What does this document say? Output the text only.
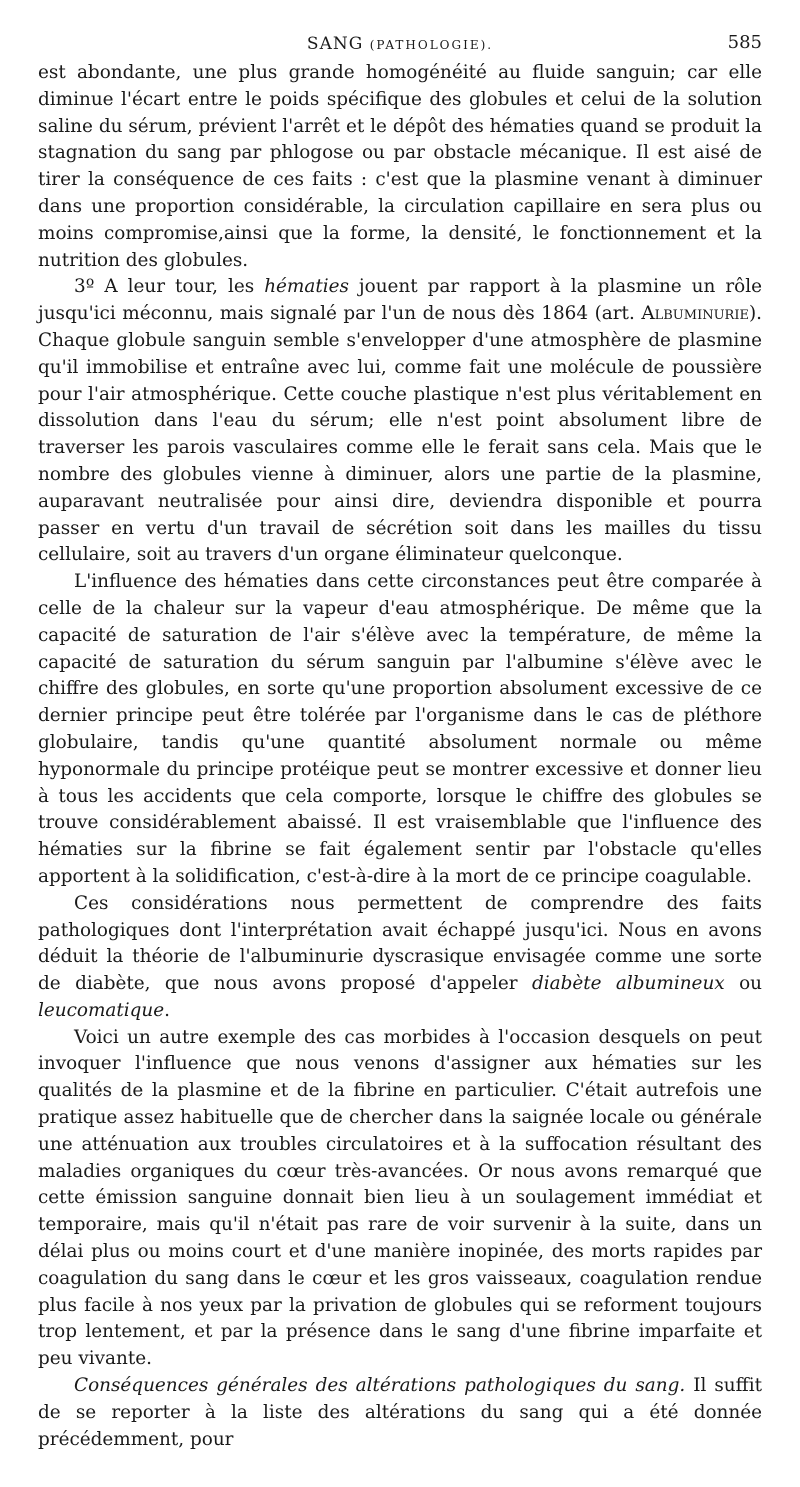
SANG (PATHOLOGIE).	585

est abondante, une plus grande homogénéité au fluide sanguin; car elle diminue l'écart entre le poids spécifique des globules et celui de la solution saline du sérum, prévient l'arrêt et le dépôt des hématies quand se produit la stagnation du sang par phlogose ou par obstacle mécanique. Il est aisé de tirer la conséquence de ces faits : c'est que la plasmine venant à diminuer dans une proportion considérable, la circulation capillaire en sera plus ou moins compromise,ainsi que la forme, la densité, le fonctionnement et la nutrition des globules.

3º A leur tour, les hématies jouent par rapport à la plasmine un rôle jusqu'ici méconnu, mais signalé par l'un de nous dès 1864 (art. Albuminurie). Chaque globule sanguin semble s'envelopper d'une atmosphère de plasmine qu'il immobilise et entraîne avec lui, comme fait une molécule de poussière pour l'air atmosphérique. Cette couche plastique n'est plus véritablement en dissolution dans l'eau du sérum; elle n'est point absolument libre de traverser les parois vasculaires comme elle le ferait sans cela. Mais que le nombre des globules vienne à diminuer, alors une partie de la plasmine, auparavant neutralisée pour ainsi dire, deviendra disponible et pourra passer en vertu d'un travail de sécrétion soit dans les mailles du tissu cellulaire, soit au travers d'un organe éliminateur quelconque.

L'influence des hématies dans cette circonstances peut être comparée à celle de la chaleur sur la vapeur d'eau atmosphérique. De même que la capacité de saturation de l'air s'élève avec la température, de même la capacité de saturation du sérum sanguin par l'albumine s'élève avec le chiffre des globules, en sorte qu'une proportion absolument excessive de ce dernier principe peut être tolérée par l'organisme dans le cas de pléthore globulaire, tandis qu'une quantité absolument normale ou même hyponormale du principe protéique peut se montrer excessive et donner lieu à tous les accidents que cela comporte, lorsque le chiffre des globules se trouve considérablement abaissé. Il est vraisemblable que l'influence des hématies sur la fibrine se fait également sentir par l'obstacle qu'elles apportent à la solidification, c'est-à-dire à la mort de ce principe coagulable.

Ces considérations nous permettent de comprendre des faits pathologiques dont l'interprétation avait échappé jusqu'ici. Nous en avons déduit la théorie de l'albuminurie dyscrasique envisagée comme une sorte de diabète, que nous avons proposé d'appeler diabète albumineux ou leucomatique.

Voici un autre exemple des cas morbides à l'occasion desquels on peut invoquer l'influence que nous venons d'assigner aux hématies sur les qualités de la plasmine et de la fibrine en particulier. C'était autrefois une pratique assez habituelle que de chercher dans la saignée locale ou générale une atténuation aux troubles circulatoires et à la suffocation résultant des maladies organiques du cœur très-avancées. Or nous avons remarqué que cette émission sanguine donnait bien lieu à un soulagement immédiat et temporaire, mais qu'il n'était pas rare de voir survenir à la suite, dans un délai plus ou moins court et d'une manière inopinée, des morts rapides par coagulation du sang dans le cœur et les gros vaisseaux, coagulation rendue plus facile à nos yeux par la privation de globules qui se reforment toujours trop lentement, et par la présence dans le sang d'une fibrine imparfaite et peu vivante.

Conséquences générales des altérations pathologiques du sang. Il suffit de se reporter à la liste des altérations du sang qui a été donnée précédemment, pour
